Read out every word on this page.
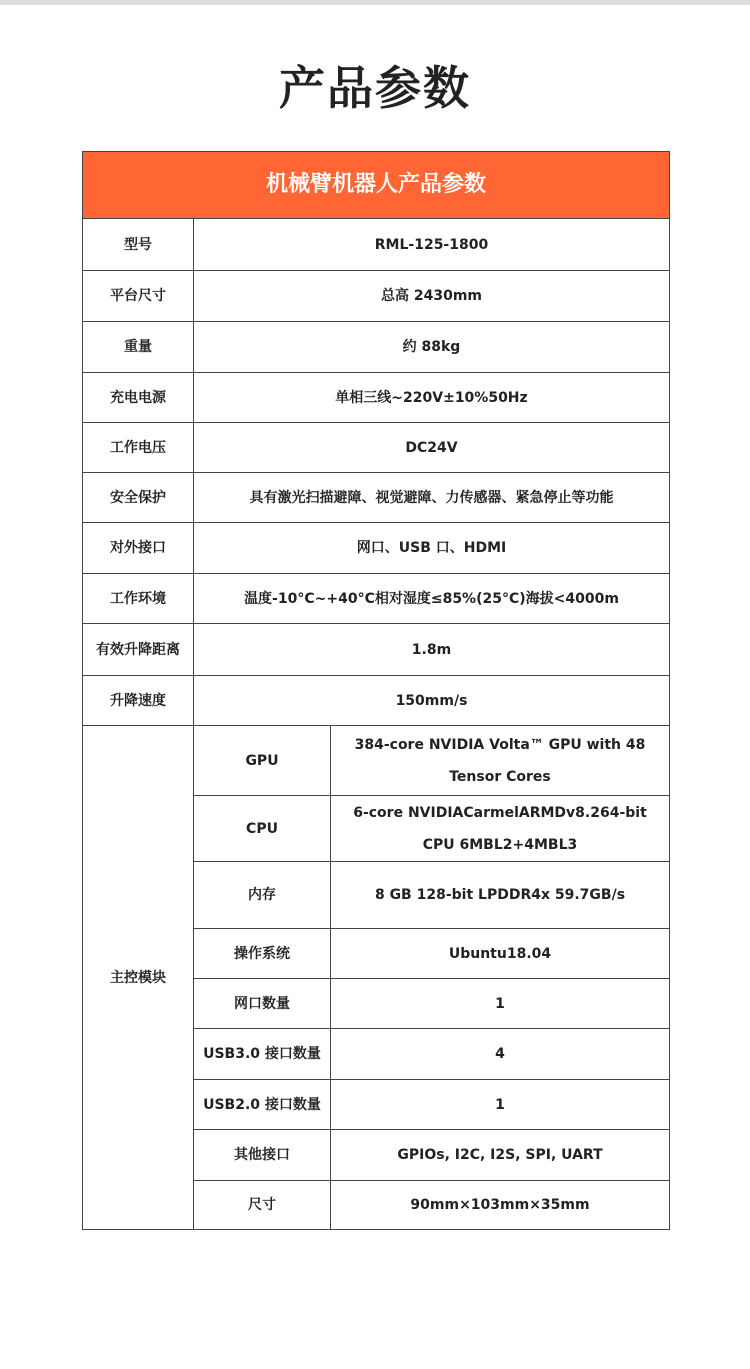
产品参数
机械臂机器人产品参数		
型号	RML-125-1800	
平台尺寸	总高 2430mm	
重量	约 88kg	
充电电源	单相三线~220V±10%50Hz	
工作电压	DC24V	
安全保护	具有激光扫描避障、视觉避障、力传感器、紧急停止等功能	
对外接口	网口、USB 口、HDMI	
工作环境	温度-10°C~+40°C相对湿度≤85%(25°C)海拔<4000m	
有效升降距离	1.8m	
升降速度	150mm/s	
主控模块	GPU	384-core NVIDIA Volta™ GPU with 48 Tensor Cores
	CPU	6-core NVIDIACarmelARMDv8.264-bit CPU 6MBL2+4MBL3
	内存	8 GB 128-bit LPDDR4x 59.7GB/s
	操作系统	Ubuntu18.04
	网口数量	1
	USB3.0 接口数量	4
	USB2.0 接口数量	1
	其他接口	GPIOs, I2C, I2S, SPI, UART
	尺寸	90mm×103mm×35mm
